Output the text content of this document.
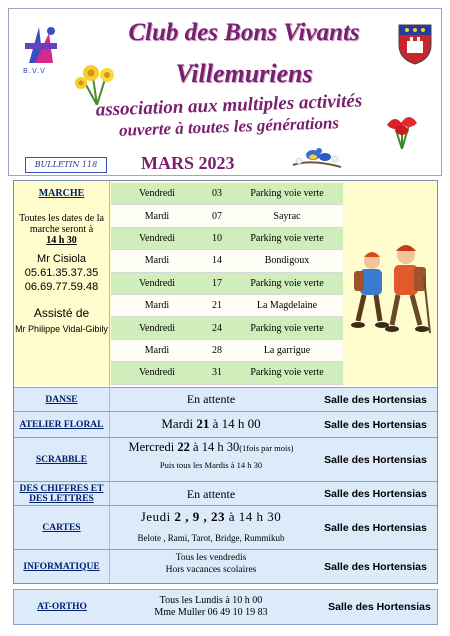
B.V.V
Club des Bons Vivants
Villemuriens
association aux multiples activités
ouverte à toutes les générations
BULLETIN 118	MARS 2023
MARCHE
Toutes les dates de la marche seront à
14 h 30
Mr Cisiola
05.61.35.37.35
06.69.77.59.48
Assisté de
Mr Philippe Vidal-Gibily
Vendredi	03	Parking voie verte
Mardi	07	Sayrac
Vendredi	10	Parking voie verte
Mardi	14	Bondigoux
Vendredi	17	Parking voie verte
Mardi	21	La Magdelaine
Vendredi	24	Parking voie verte
Mardi	28	La garrigue
Vendredi	31	Parking voie verte
DANSE	En attente	Salle des Hortensias
ATELIER FLORAL	Mardi 21 à 14 h 00	Salle des Hortensias
SCRABBLE
Mercredi 22 à 14 h 30(1fois par mois)
Puis tous les Mardis à 14 h 30	Salle des Hortensias
DES CHIFFRES ET DES LETTRES	En attente	Salle des Hortensias
CARTES
Jeudi 2 , 9 , 23 à 14 h 30
Belote , Rami, Tarot, Bridge, Rummikub
Salle des Hortensias
INFORMATIQUE
Tous les vendredis
Hors vacances scolaires	Salle des Hortensias
AT-ORTHO
Tous les Lundis à 10 h 00
Mme Muller 06 49 10 19 83	Salle des Hortensias
